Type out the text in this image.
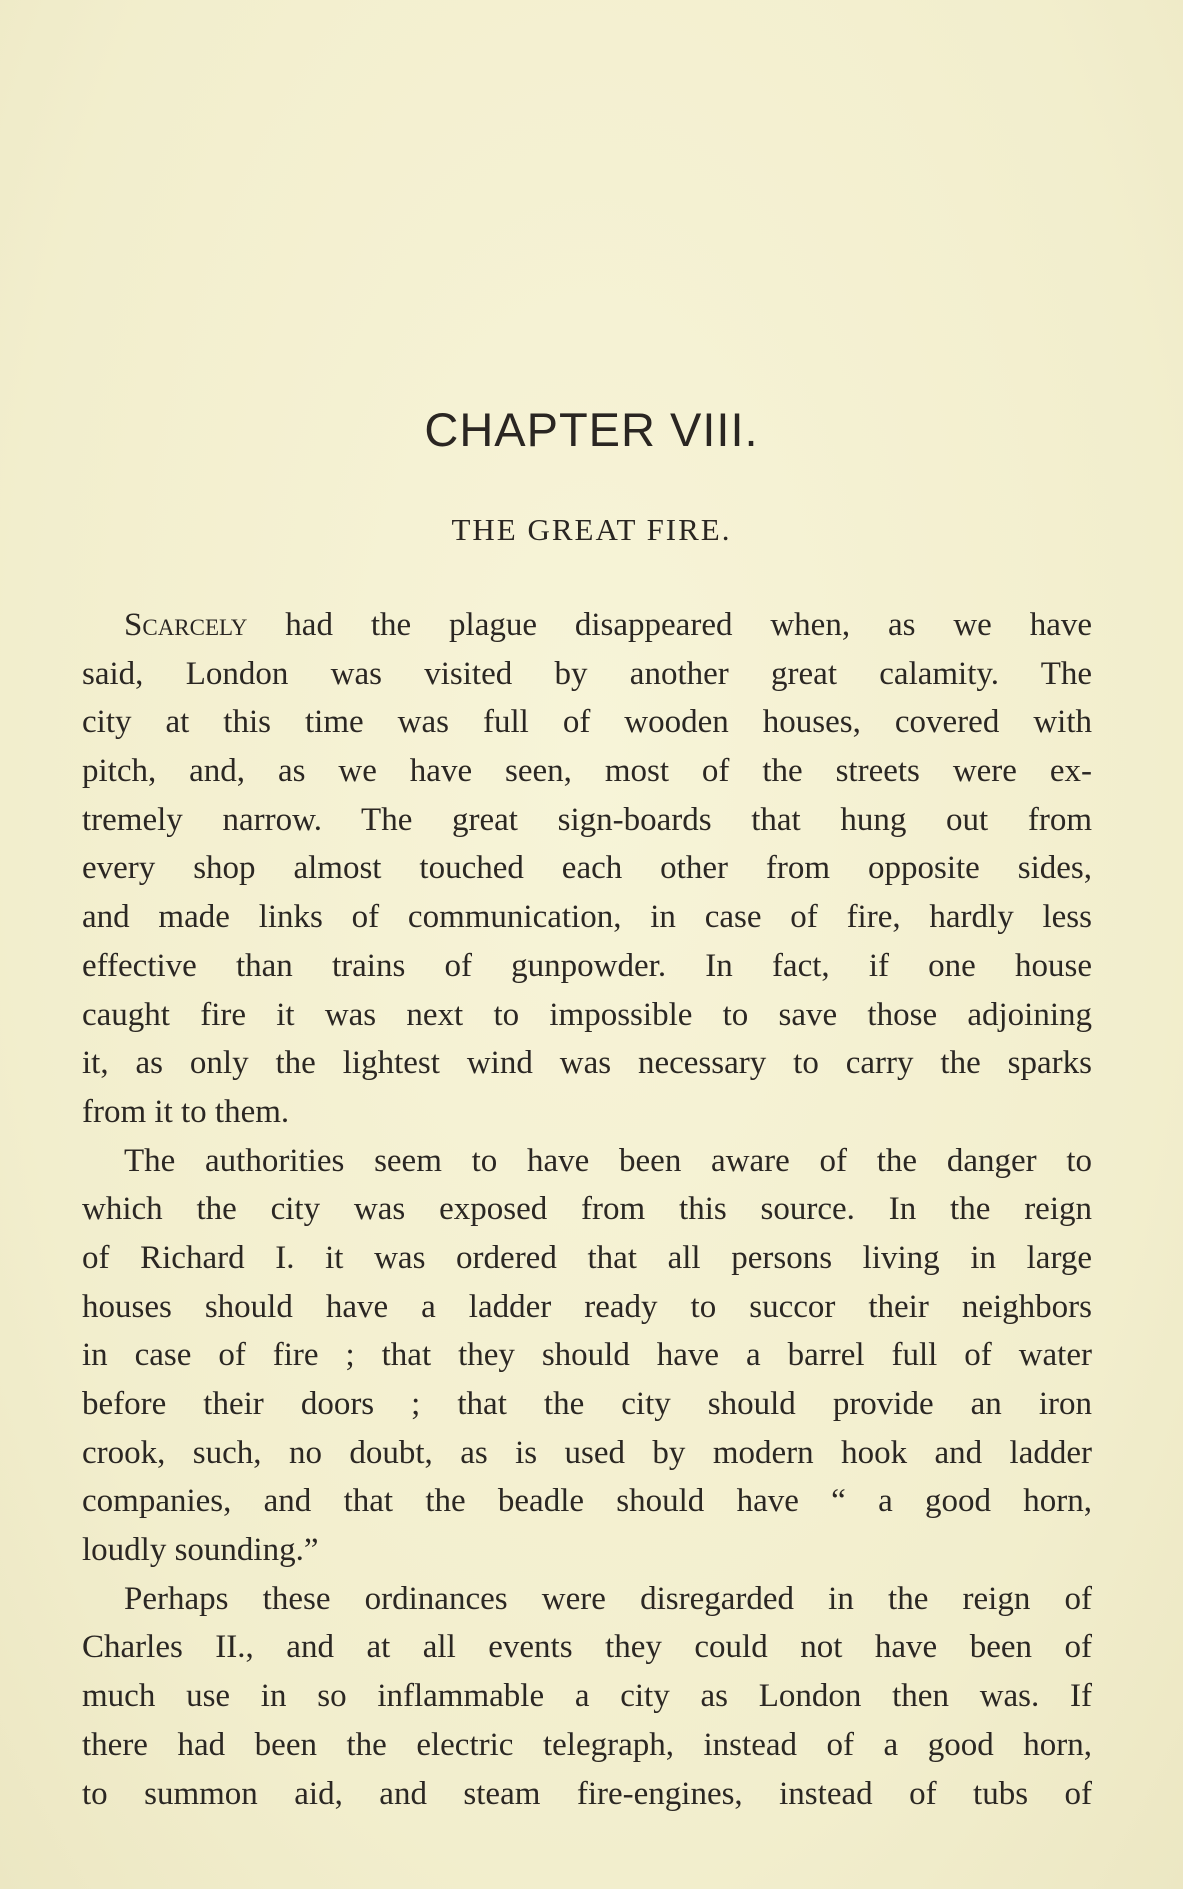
CHAPTER VIII.
THE GREAT FIRE.
Scarcely had the plague disappeared when, as we have
said, London was visited by another great calamity. The
city at this time was full of wooden houses, covered with
pitch, and, as we have seen, most of the streets were ex-
tremely narrow. The great sign-boards that hung out from
every shop almost touched each other from opposite sides,
and made links of communication, in case of fire, hardly less
effective than trains of gunpowder. In fact, if one house
caught fire it was next to impossible to save those adjoining
it, as only the lightest wind was necessary to carry the sparks
from it to them.
The authorities seem to have been aware of the danger to
which the city was exposed from this source. In the reign
of Richard I. it was ordered that all persons living in large
houses should have a ladder ready to succor their neighbors
in case of fire ; that they should have a barrel full of water
before their doors ; that the city should provide an iron
crook, such, no doubt, as is used by modern hook and ladder
companies, and that the beadle should have “ a good horn,
loudly sounding.”
Perhaps these ordinances were disregarded in the reign of
Charles II., and at all events they could not have been of
much use in so inflammable a city as London then was. If
there had been the electric telegraph, instead of a good horn,
to summon aid, and steam fire-engines, instead of tubs of
